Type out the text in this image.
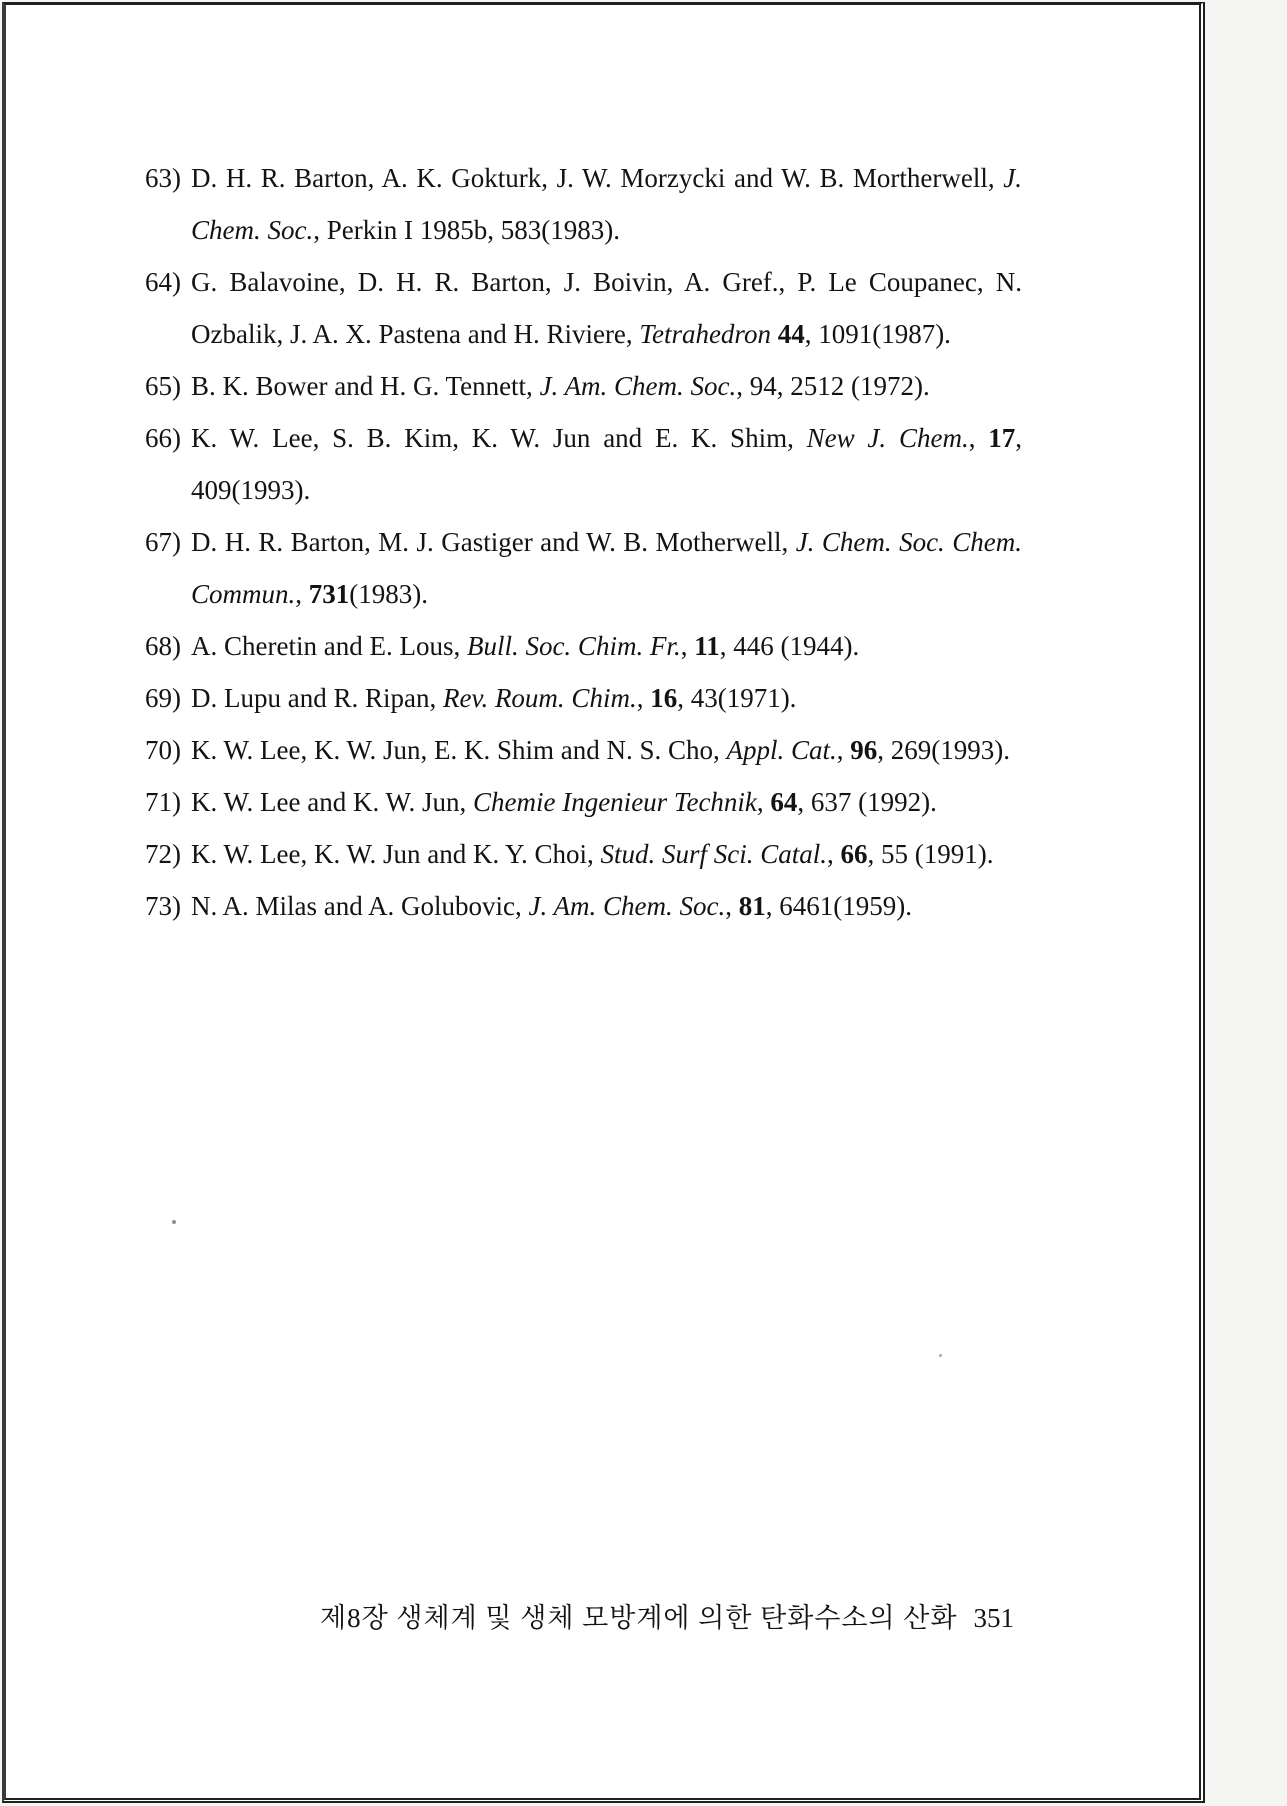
63) D. H. R. Barton, A. K. Gokturk, J. W. Morzycki and W. B. Mortherwell, J. Chem. Soc., Perkin I 1985b, 583(1983).
64) G. Balavoine, D. H. R. Barton, J. Boivin, A. Gref., P. Le Coupanec, N. Ozbalik, J. A. X. Pastena and H. Riviere, Tetrahedron 44, 1091(1987).
65) B. K. Bower and H. G. Tennett, J. Am. Chem. Soc., 94, 2512 (1972).
66) K. W. Lee, S. B. Kim, K. W. Jun and E. K. Shim, New J. Chem., 17, 409(1993).
67) D. H. R. Barton, M. J. Gastiger and W. B. Motherwell, J. Chem. Soc. Chem. Commun., 731(1983).
68) A. Cheretin and E. Lous, Bull. Soc. Chim. Fr., 11, 446 (1944).
69) D. Lupu and R. Ripan, Rev. Roum. Chim., 16, 43(1971).
70) K. W. Lee, K. W. Jun, E. K. Shim and N. S. Cho, Appl. Cat., 96, 269(1993).
71) K. W. Lee and K. W. Jun, Chemie Ingenieur Technik, 64, 637 (1992).
72) K. W. Lee, K. W. Jun and K. Y. Choi, Stud. Surf Sci. Catal., 66, 55 (1991).
73) N. A. Milas and A. Golubovic, J. Am. Chem. Soc., 81, 6461(1959).
제8장 생체계 및 생체 모방계에 의한 탄화수소의 산화 351
